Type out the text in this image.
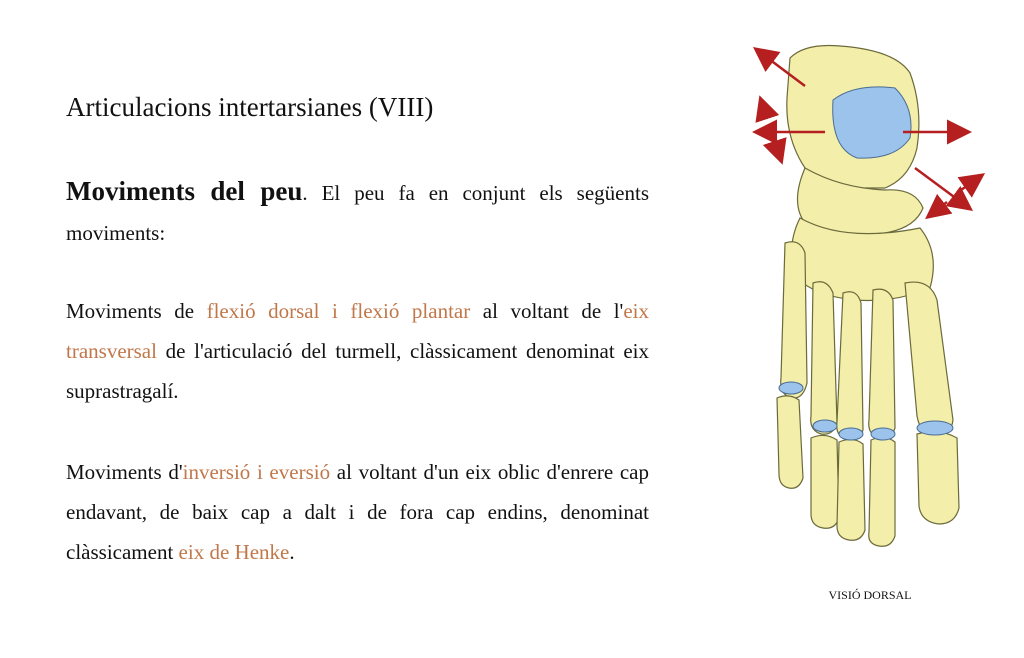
Articulacions intertarsianes (VIII)
Moviments del peu. El peu fa en conjunt els següents moviments:
Moviments de flexió dorsal i flexió plantar al voltant de l'eix transversal de l'articulació del turmell, clàssicament denominat eix suprastragalí.
Moviments d'inversió i eversió al voltant d'un eix oblic d'enrere cap endavant, de baix cap a dalt i de fora cap endins, denominat clàssicament eix de Henke.
VISIÓ DORSAL
